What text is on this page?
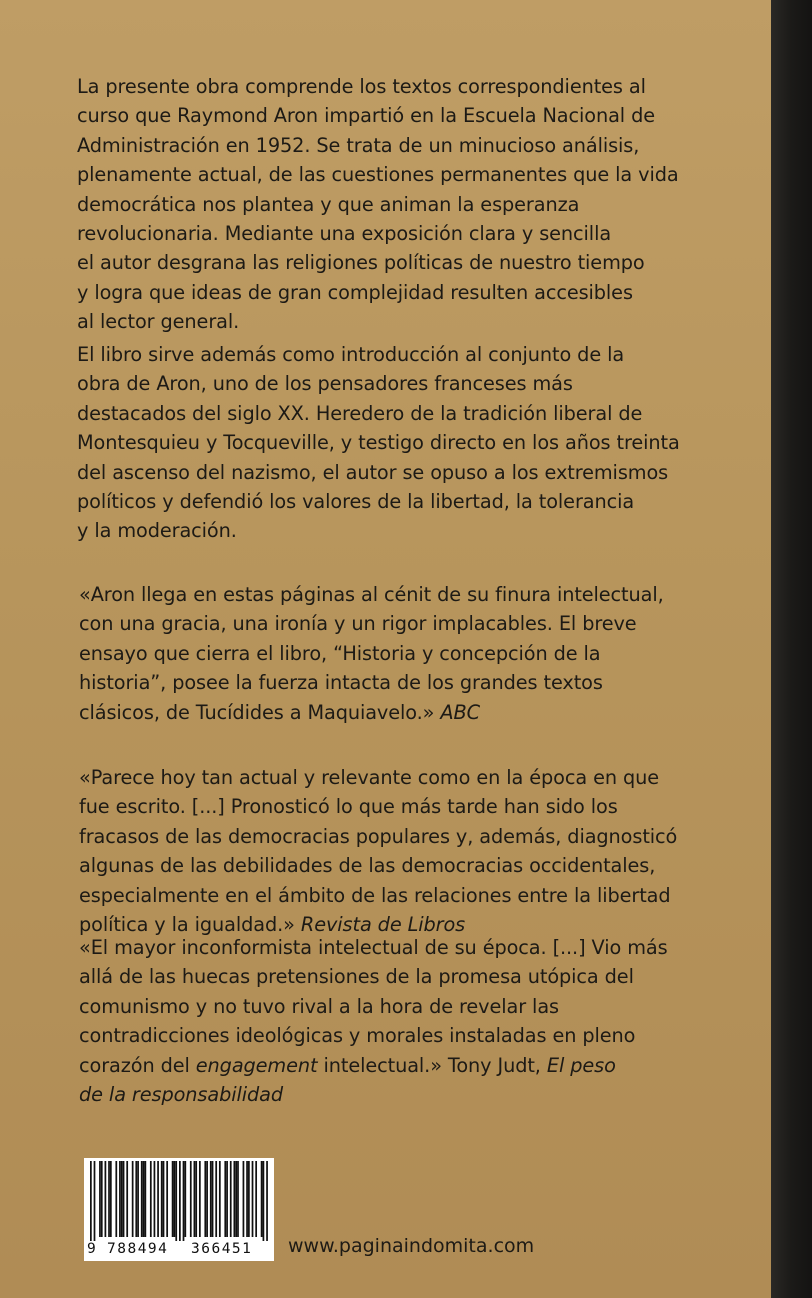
La presente obra comprende los textos correspondientes al
curso que Raymond Aron impartió en la Escuela Nacional de
Administración en 1952. Se trata de un minucioso análisis,
plenamente actual, de las cuestiones permanentes que la vida
democrática nos plantea y que animan la esperanza
revolucionaria. Mediante una exposición clara y sencilla
el autor desgrana las religiones políticas de nuestro tiempo
y logra que ideas de gran complejidad resulten accesibles
al lector general.
El libro sirve además como introducción al conjunto de la
obra de Aron, uno de los pensadores franceses más
destacados del siglo XX. Heredero de la tradición liberal de
Montesquieu y Tocqueville, y testigo directo en los años treinta
del ascenso del nazismo, el autor se opuso a los extremismos
políticos y defendió los valores de la libertad, la tolerancia
y la moderación.
«Aron llega en estas páginas al cénit de su finura intelectual,
con una gracia, una ironía y un rigor implacables. El breve
ensayo que cierra el libro, “Historia y concepción de la
historia”, posee la fuerza intacta de los grandes textos
clásicos, de Tucídides a Maquiavelo.» ABC
«Parece hoy tan actual y relevante como en la época en que
fue escrito. [...] Pronosticó lo que más tarde han sido los
fracasos de las democracias populares y, además, diagnosticó
algunas de las debilidades de las democracias occidentales,
especialmente en el ámbito de las relaciones entre la libertad
política y la igualdad.» Revista de Libros
«El mayor inconformista intelectual de su época. [...] Vio más
allá de las huecas pretensiones de la promesa utópica del
comunismo y no tuvo rival a la hora de revelar las
contradicciones ideológicas y morales instaladas en pleno
corazón del engagement intelectual.» Tony Judt, El peso
de la responsabilidad
9 788494 366451	www.paginaindomita.com
